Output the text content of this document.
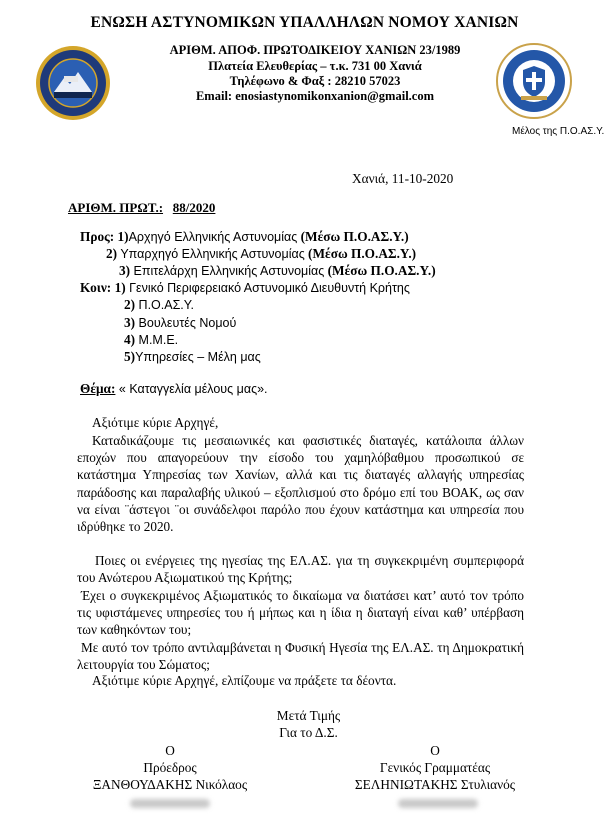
ΕΝΩΣΗ ΑΣΤΥΝΟΜΙΚΩΝ ΥΠΑΛΛΗΛΩΝ ΝΟΜΟΥ ΧΑΝΙΩΝ
ΑΡΙΘΜ. ΑΠΟΦ. ΠΡΩΤΟΔΙΚΕΙΟΥ ΧΑΝΙΩΝ 23/1989
Πλατεία Ελευθερίας – τ.κ. 731 00 Χανιά
Τηλέφωνο & Φαξ : 28210 57023
Email: enosiastynomikonxanion@gmail.com
Μέλος της Π.Ο.ΑΣ.Υ.
Χανιά, 11-10-2020
ΑΡΙΘΜ. ΠΡΩΤ.: 88/2020
Προς: 1)Αρχηγό Ελληνικής Αστυνομίας (Μέσω Π.Ο.ΑΣ.Υ.)
2) Υπαρχηγό Ελληνικής Αστυνομίας (Μέσω Π.Ο.ΑΣ.Υ.)
3) Επιτελάρχη Ελληνικής Αστυνομίας (Μέσω Π.Ο.ΑΣ.Υ.)
Κοιν: 1) Γενικό Περιφερειακό Αστυνομικό Διευθυντή Κρήτης
2) Π.Ο.ΑΣ.Υ.
3) Βουλευτές Νομού
4) Μ.Μ.Ε.
5)Υπηρεσίες – Μέλη μας
Θέμα: « Καταγγελία μέλους μας».
Αξιότιμε κύριε Αρχηγέ,

Καταδικάζουμε τις μεσαιωνικές και φασιστικές διαταγές, κατάλοιπα άλλων εποχών που απαγορεύουν την είσοδο του χαμηλόβαθμου προσωπικού σε κατάστημα Υπηρεσίας των Χανίων, αλλά και τις διαταγές αλλαγής υπηρεσίας παράδοσης και παραλαβής υλικού – εξοπλισμού στο δρόμο επί του ΒΟΑΚ, ως σαν να είναι ¨άστεγοι ¨οι συνάδελφοι παρόλο που έχουν κατάστημα και υπηρεσία που ιδρύθηκε το 2020.

Ποιες οι ενέργειες της ηγεσίας της ΕΛ.ΑΣ. για τη συγκεκριμένη συμπεριφορά του Ανώτερου Αξιωματικού της Κρήτης;

Έχει ο συγκεκριμένος Αξιωματικός το δικαίωμα να διατάσει κατ’ αυτό τον τρόπο τις υφιστάμενες υπηρεσίες του ή μήπως και η ίδια η διαταγή είναι καθ’ υπέρβαση των καθηκόντων του;

Με αυτό τον τρόπο αντιλαμβάνεται η Φυσική Ηγεσία της ΕΛ.ΑΣ. τη Δημοκρατική λειτουργία του Σώματος;

Αξιότιμε κύριε Αρχηγέ, ελπίζουμε να πράξετε τα δέοντα.
Μετά Τιμής
Για το Δ.Σ.
Ο
Πρόεδρος
ΞΑΝΘΟΥΔΑΚΗΣ Νικόλαος
Ο
Γενικός Γραμματέας
ΣΕΛΗΝΙΩΤΑΚΗΣ Στυλιανός
